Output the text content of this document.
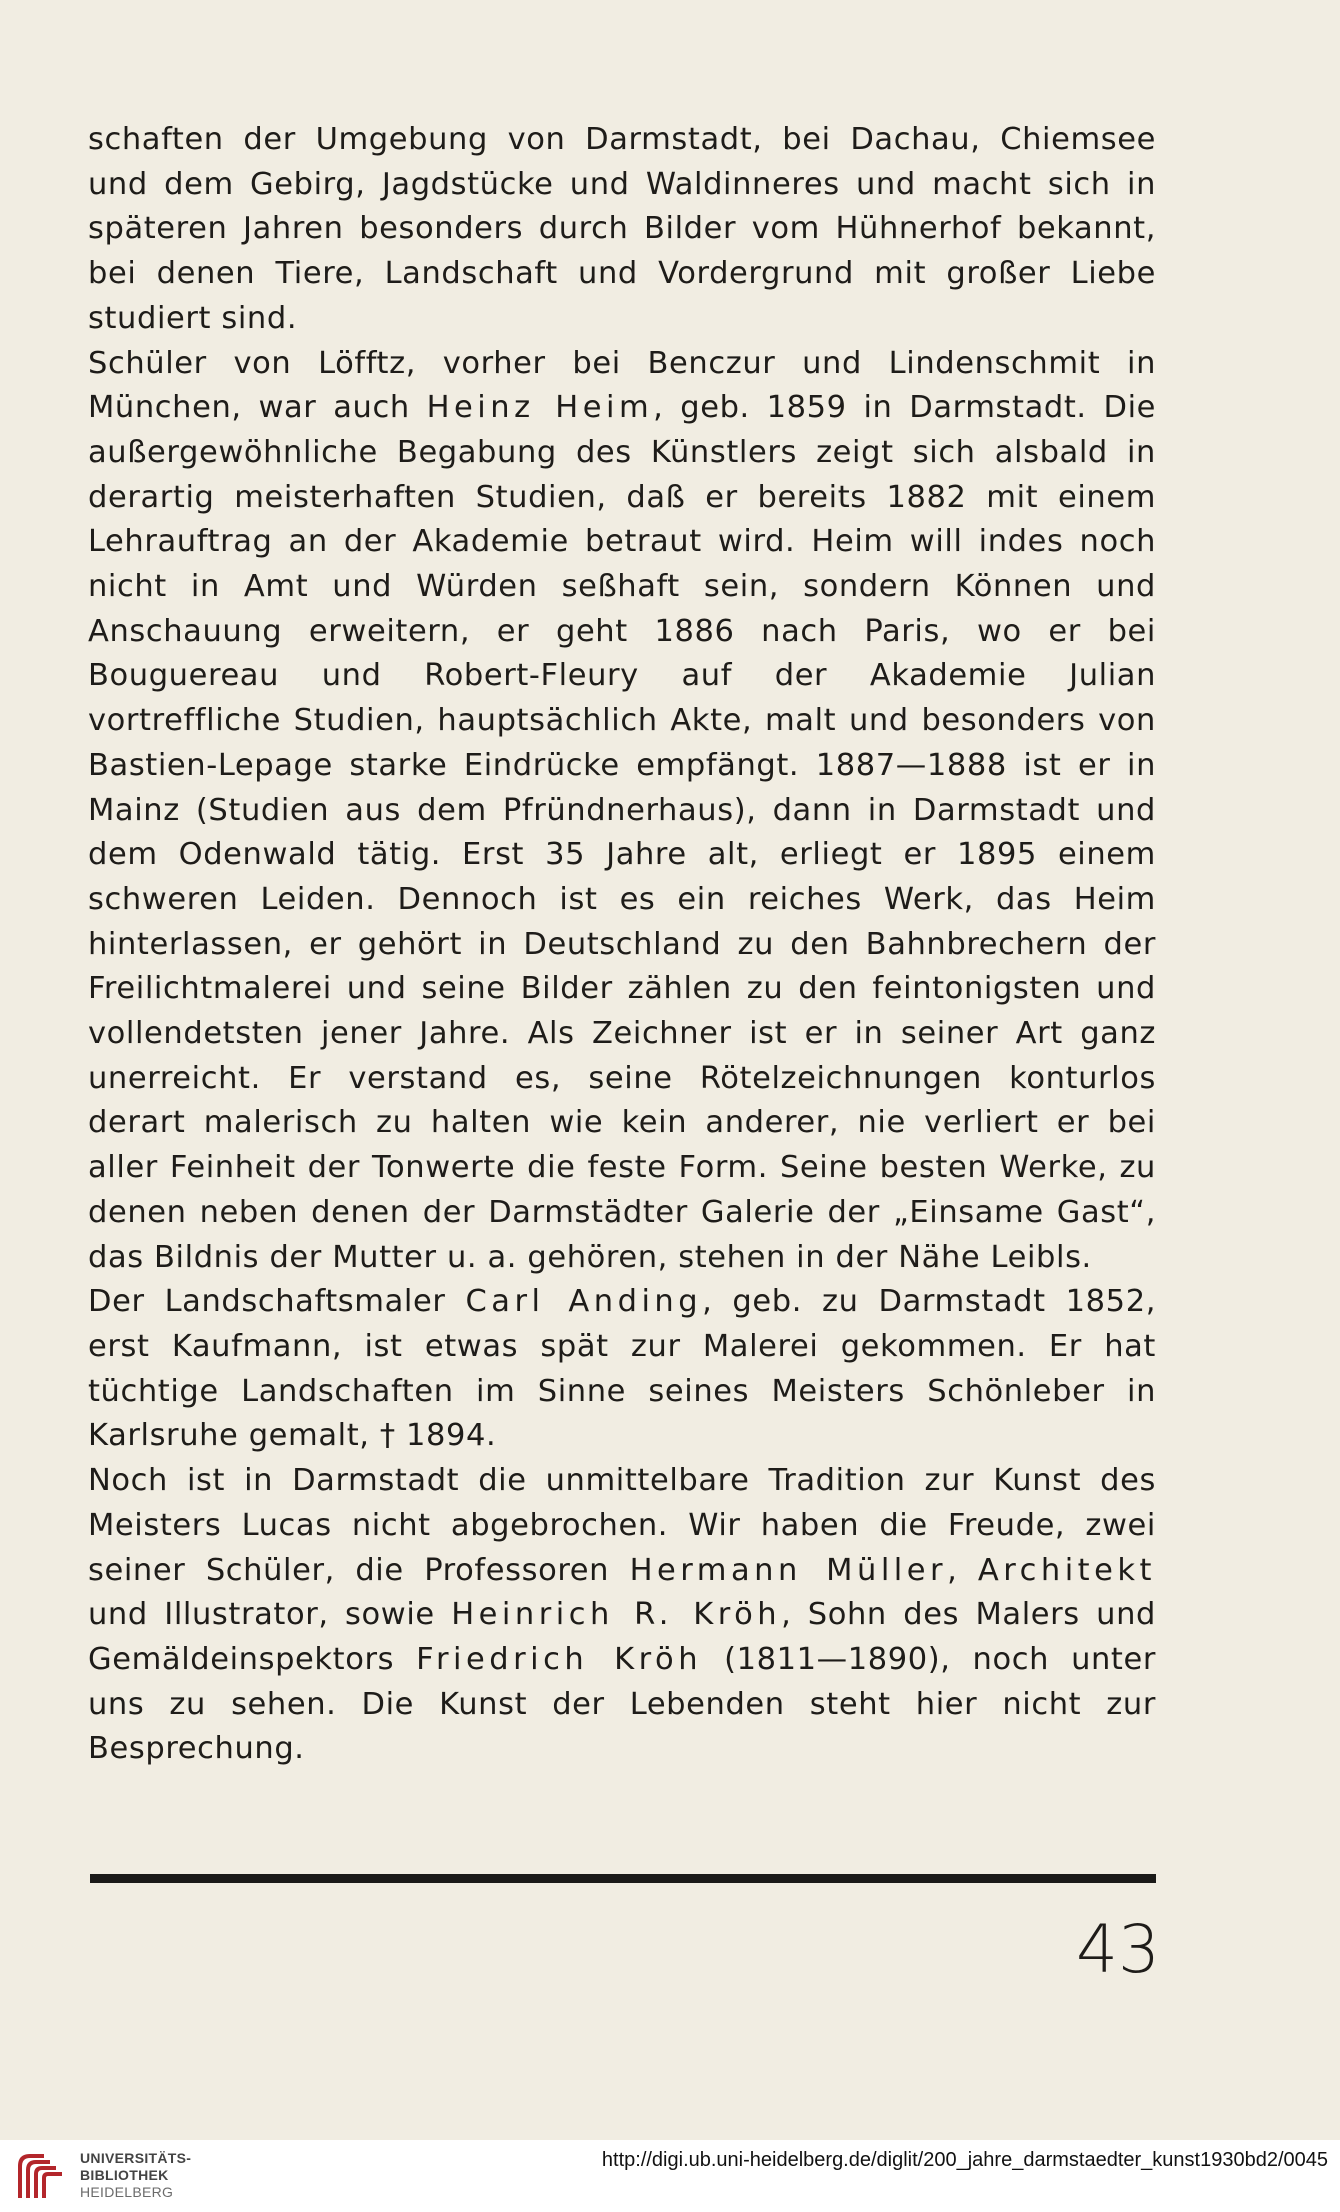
schaften der Umgebung von Darmstadt, bei Dachau, Chiemsee und dem Gebirg, Jagdstücke und Waldinneres und macht sich in späteren Jahren besonders durch Bilder vom Hühnerhof bekannt, bei denen Tiere, Landschaft und Vordergrund mit großer Liebe studiert sind.

Schüler von Löfftz, vorher bei Benczur und Lindenschmit in München, war auch Heinz Heim, geb. 1859 in Darmstadt. Die außergewöhnliche Begabung des Künstlers zeigt sich alsbald in derartig meisterhaften Studien, daß er bereits 1882 mit einem Lehrauftrag an der Akademie betraut wird. Heim will indes noch nicht in Amt und Würden seßhaft sein, sondern Können und Anschauung erweitern, er geht 1886 nach Paris, wo er bei Bouguereau und Robert-Fleury auf der Akademie Julian vortreffliche Studien, hauptsächlich Akte, malt und besonders von Bastien-Lepage starke Eindrücke empfängt. 1887—1888 ist er in Mainz (Studien aus dem Pfründnerhaus), dann in Darmstadt und dem Odenwald tätig. Erst 35 Jahre alt, erliegt er 1895 einem schweren Leiden. Dennoch ist es ein reiches Werk, das Heim hinterlassen, er gehört in Deutschland zu den Bahnbrechern der Freilichtmalerei und seine Bilder zählen zu den feintonigsten und vollendetsten jener Jahre. Als Zeichner ist er in seiner Art ganz unerreicht. Er verstand es, seine Rötelzeichnungen konturlos derart malerisch zu halten wie kein anderer, nie verliert er bei aller Feinheit der Tonwerte die feste Form. Seine besten Werke, zu denen neben denen der Darmstädter Galerie der „Einsame Gast“, das Bildnis der Mutter u. a. gehören, stehen in der Nähe Leibls.

Der Landschaftsmaler Carl Anding, geb. zu Darmstadt 1852, erst Kaufmann, ist etwas spät zur Malerei gekommen. Er hat tüchtige Landschaften im Sinne seines Meisters Schönleber in Karlsruhe gemalt, † 1894.

Noch ist in Darmstadt die unmittelbare Tradition zur Kunst des Meisters Lucas nicht abgebrochen. Wir haben die Freude, zwei seiner Schüler, die Professoren Hermann Müller, Architekt und Illustrator, sowie Heinrich R. Kröh, Sohn des Malers und Gemäldeinspektors Friedrich Kröh (1811—1890), noch unter uns zu sehen. Die Kunst der Lebenden steht hier nicht zur Besprechung.

43
UNIVERSITÄTS-
BIBLIOTHEK
HEIDELBERG
http://digi.ub.uni-heidelberg.de/diglit/200_jahre_darmstaedter_kunst1930bd2/0045
